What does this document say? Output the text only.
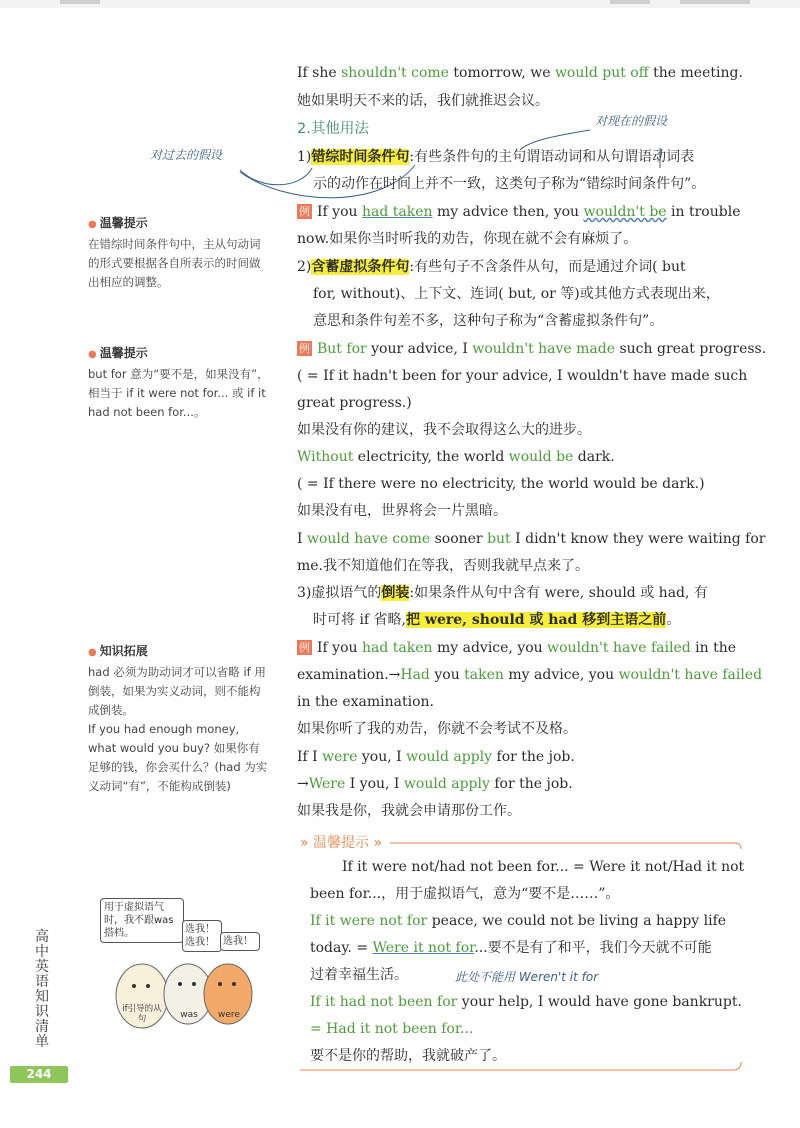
对过去的假设
对现在的假设
If she shouldn't come tomorrow, we would put off the meeting.
她如果明天不来的话，我们就推迟会议。
2.其他用法
1)错综时间条件句:有些条件句的主句谓语动词和从句谓语动词表
示的动作在时间上并不一致，这类句子称为“错综时间条件句”。
例 If you had taken my advice then, you wouldn't be in trouble
now.如果你当时听我的劝告，你现在就不会有麻烦了。
2)含蓄虚拟条件句:有些句子不含条件从句，而是通过介词( but
for, without)、上下文、连词( but, or 等)或其他方式表现出来，
意思和条件句差不多，这种句子称为“含蓄虚拟条件句”。
例 But for your advice, I wouldn't have made such great progress.
( = If it hadn't been for your advice, I wouldn't have made such
great progress.)
如果没有你的建议，我不会取得这么大的进步。
Without electricity, the world would be dark.
( = If there were no electricity, the world would be dark.)
如果没有电，世界将会一片黑暗。
I would have come sooner but I didn't know they were waiting for
me.我不知道他们在等我，否则我就早点来了。
3)虚拟语气的倒装:如果条件从句中含有 were, should 或 had, 有
时可将 if 省略,把 were, should 或 had 移到主语之前。
例 If you had taken my advice, you wouldn't have failed in the
examination.→Had you taken my advice, you wouldn't have failed
in the examination.
如果你听了我的劝告，你就不会考试不及格。
If I were you, I would apply for the job.
→Were I you, I would apply for the job.
如果我是你，我就会申请那份工作。
● 温馨提示
在错综时间条件句中，主从句动词的形式要根据各自所表示的时间做出相应的调整。
● 温馨提示
but for 意为“要不是，如果没有”，相当于 if it were not for... 或 if it had not been for...。
● 知识拓展
had 必须为助动词才可以省略 if 用倒装，如果为实义动词，则不能构成倒装。
If you had enough money, what would you buy? 如果你有足够的钱，你会买什么？(had 为实义动词“有”，不能构成倒装)
用于虚拟语气时，我不跟was搭档。	选我！选我！ 选我！
if引导的从句	was	were
» 温馨提示 »
If it were not/had not been for... = Were it not/Had it not
been for...，用于虚拟语气，意为“要不是……”。
If it were not for peace, we could not be living a happy life
today. = Were it not for...要不是有了和平，我们今天就不可能
过着幸福生活。
If it had not been for your help, I would have gone bankrupt.
= Had it not been for...
要不是你的帮助，我就破产了。
此处不能用 Weren't it for
高中英语知识清单
244
